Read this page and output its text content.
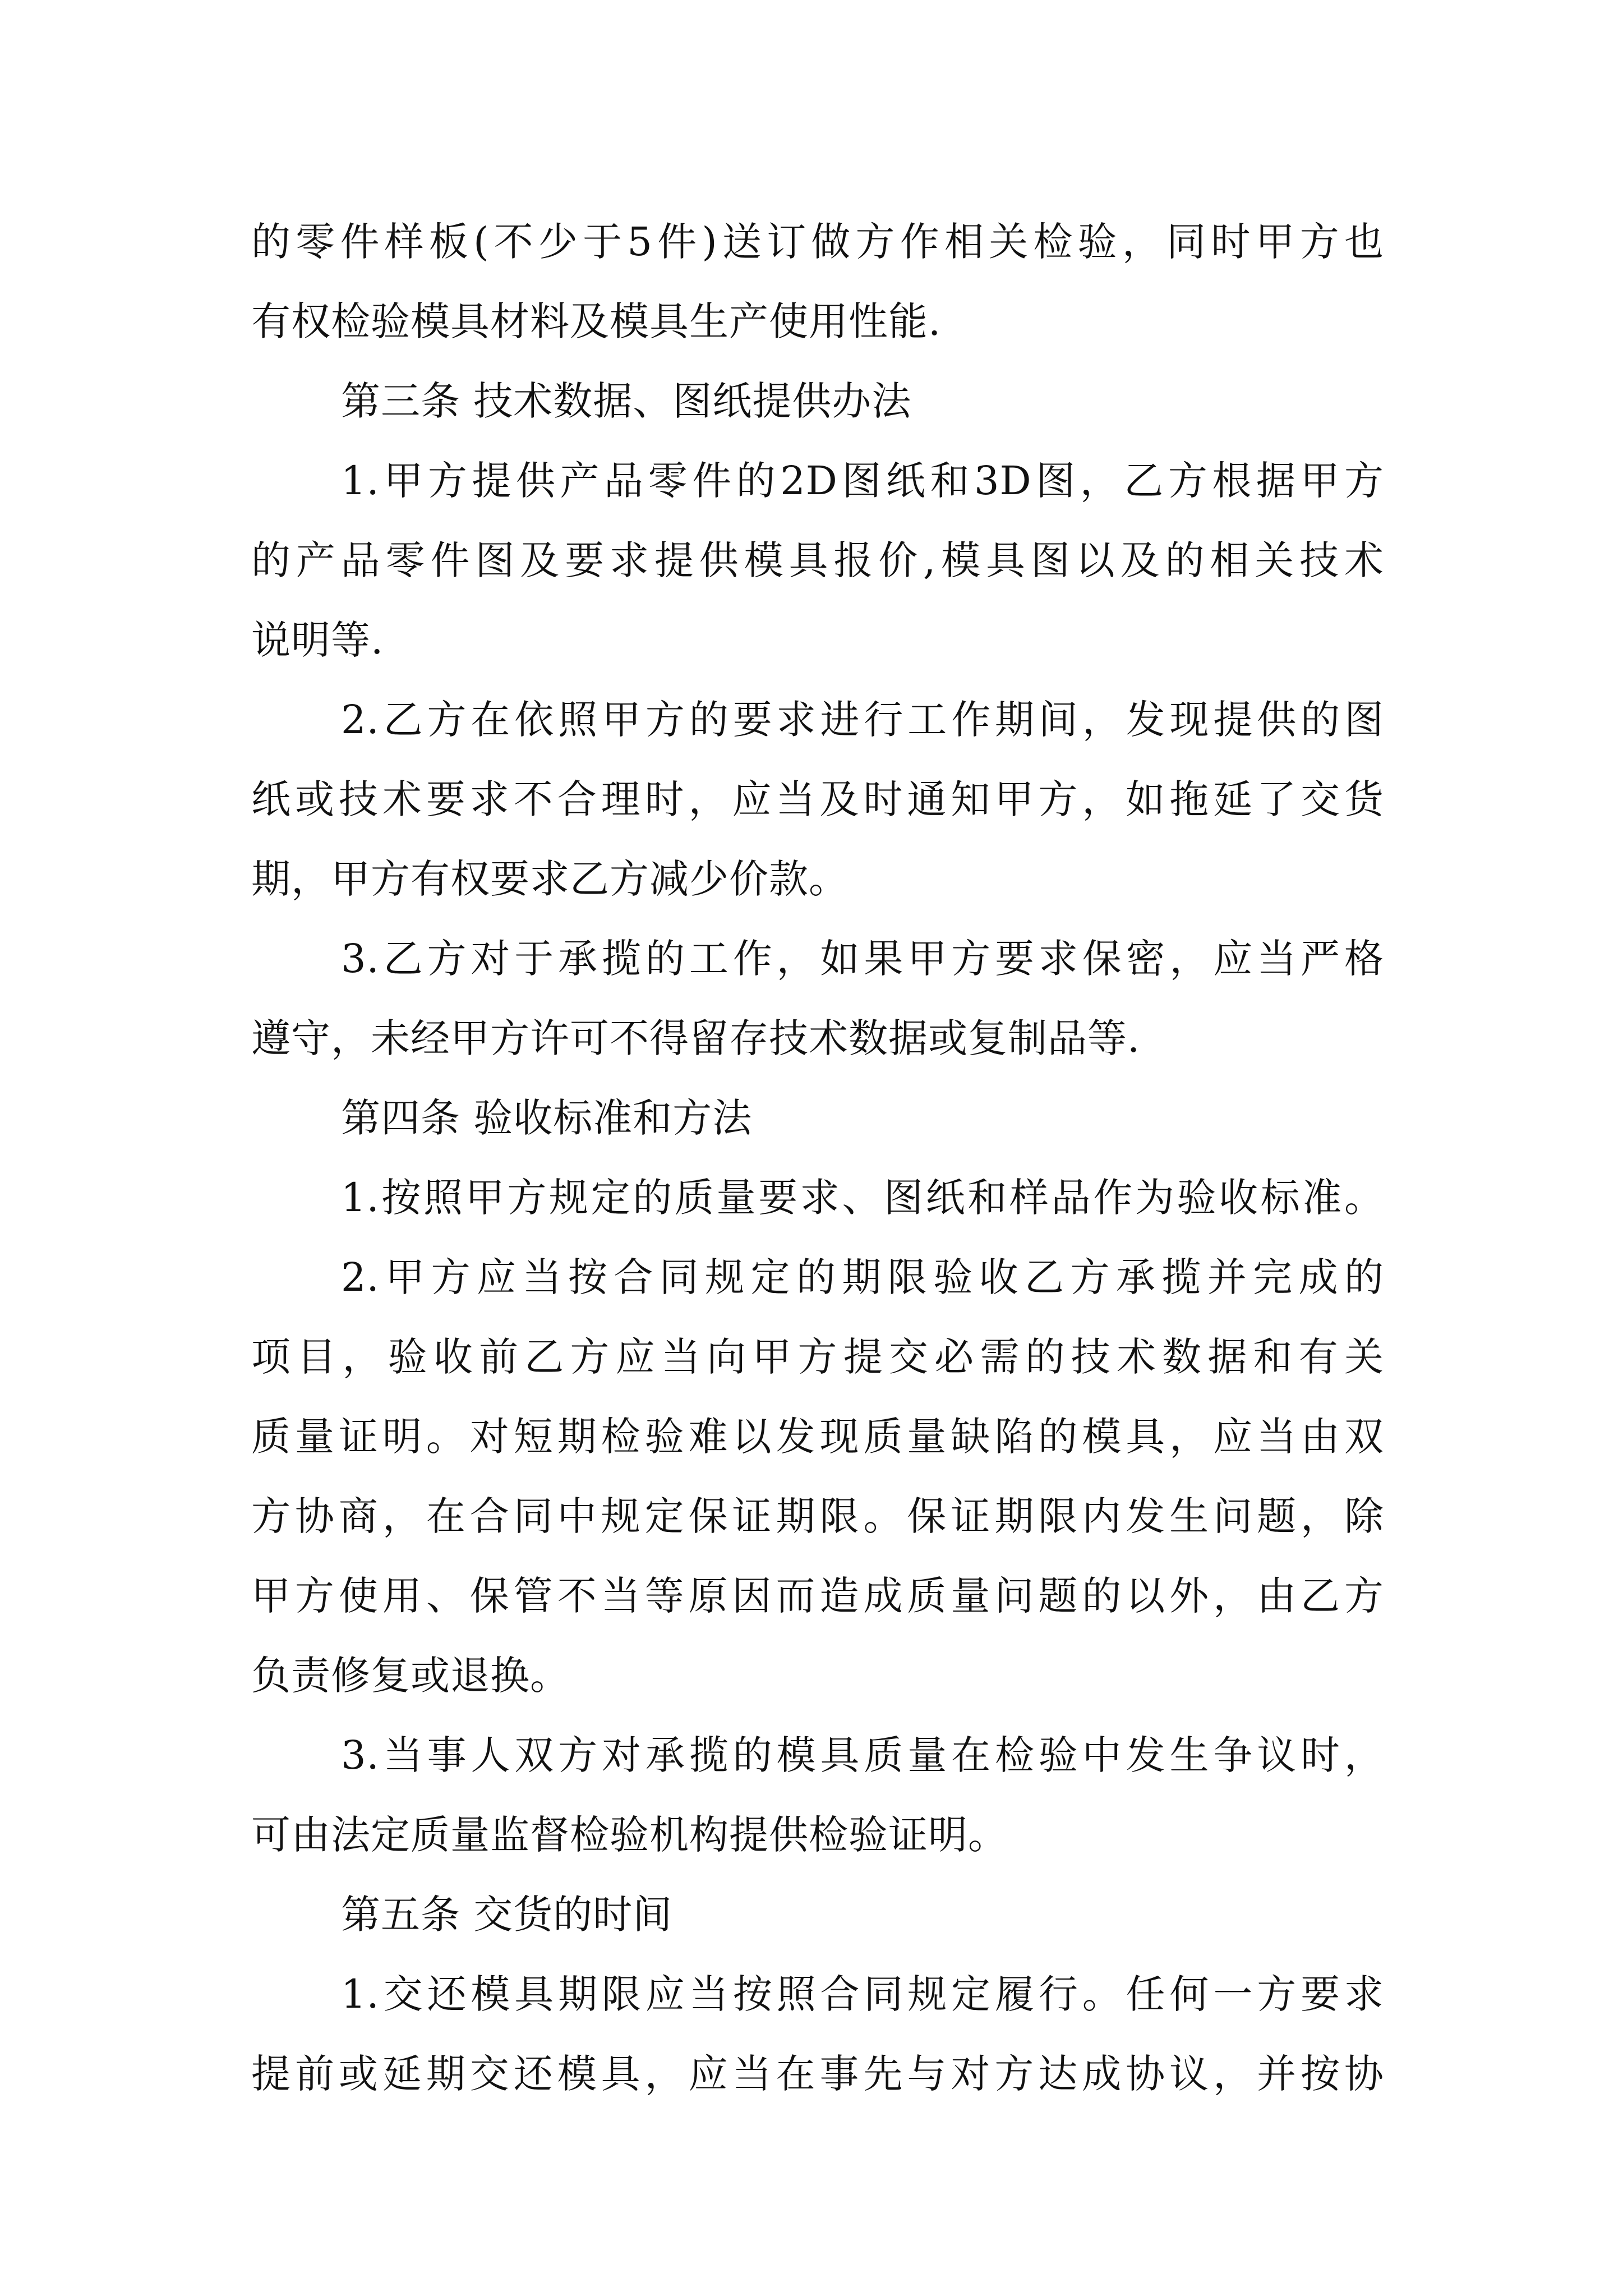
的零件样板(不少于5件)送订做方作相关检验，同时甲方也
有权检验模具材料及模具生产使用性能.
第三条 技术数据、图纸提供办法
1.甲方提供产品零件的2D图纸和3D图，乙方根据甲方
的产品零件图及要求提供模具报价,模具图以及的相关技术
说明等.
2.乙方在依照甲方的要求进行工作期间，发现提供的图
纸或技术要求不合理时，应当及时通知甲方，如拖延了交货
期，甲方有权要求乙方减少价款。
3.乙方对于承揽的工作，如果甲方要求保密，应当严格
遵守，未经甲方许可不得留存技术数据或复制品等.
第四条 验收标准和方法
1.按照甲方规定的质量要求、图纸和样品作为验收标准。
2.甲方应当按合同规定的期限验收乙方承揽并完成的
项目，验收前乙方应当向甲方提交必需的技术数据和有关
质量证明。对短期检验难以发现质量缺陷的模具，应当由双
方协商，在合同中规定保证期限。保证期限内发生问题，除
甲方使用、保管不当等原因而造成质量问题的以外，由乙方
负责修复或退换。
3.当事人双方对承揽的模具质量在检验中发生争议时，
可由法定质量监督检验机构提供检验证明。
第五条 交货的时间
1.交还模具期限应当按照合同规定履行。任何一方要求
提前或延期交还模具，应当在事先与对方达成协议，并按协
